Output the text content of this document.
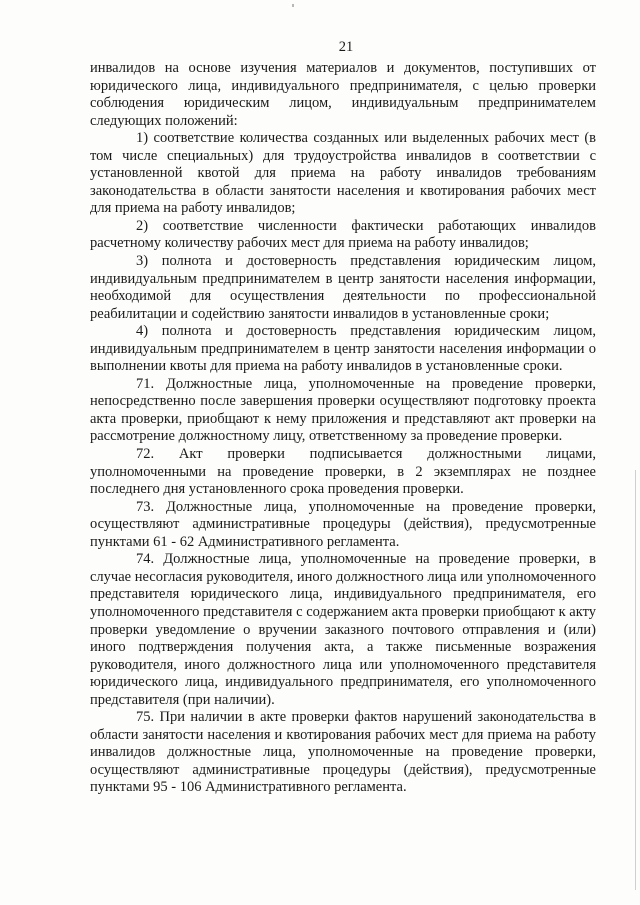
21

инвалидов на основе изучения материалов и документов, поступивших от юридического лица, индивидуального предпринимателя, с целью проверки соблюдения юридическим лицом, индивидуальным предпринимателем следующих положений:

1) соответствие количества созданных или выделенных рабочих мест (в том числе специальных) для трудоустройства инвалидов в соответствии с установленной квотой для приема на работу инвалидов требованиям законодательства в области занятости населения и квотирования рабочих мест для приема на работу инвалидов;

2) соответствие численности фактически работающих инвалидов расчетному количеству рабочих мест для приема на работу инвалидов;

3) полнота и достоверность представления юридическим лицом, индивидуальным предпринимателем в центр занятости населения информации, необходимой для осуществления деятельности по профессиональной реабилитации и содействию занятости инвалидов в установленные сроки;

4) полнота и достоверность представления юридическим лицом, индивидуальным предпринимателем в центр занятости населения информации о выполнении квоты для приема на работу инвалидов в установленные сроки.

71. Должностные лица, уполномоченные на проведение проверки, непосредственно после завершения проверки осуществляют подготовку проекта акта проверки, приобщают к нему приложения и представляют акт проверки на рассмотрение должностному лицу, ответственному за проведение проверки.

72. Акт проверки подписывается должностными лицами, уполномоченными на проведение проверки, в 2 экземплярах не позднее последнего дня установленного срока проведения проверки.

73. Должностные лица, уполномоченные на проведение проверки, осуществляют административные процедуры (действия), предусмотренные пунктами 61 - 62 Административного регламента.

74. Должностные лица, уполномоченные на проведение проверки, в случае несогласия руководителя, иного должностного лица или уполномоченного представителя юридического лица, индивидуального предпринимателя, его уполномоченного представителя с содержанием акта проверки приобщают к акту проверки уведомление о вручении заказного почтового отправления и (или) иного подтверждения получения акта, а также письменные возражения руководителя, иного должностного лица или уполномоченного представителя юридического лица, индивидуального предпринимателя, его уполномоченного представителя (при наличии).

75. При наличии в акте проверки фактов нарушений законодательства в области занятости населения и квотирования рабочих мест для приема на работу инвалидов должностные лица, уполномоченные на проведение проверки, осуществляют административные процедуры (действия), предусмотренные пунктами 95 - 106 Административного регламента.
